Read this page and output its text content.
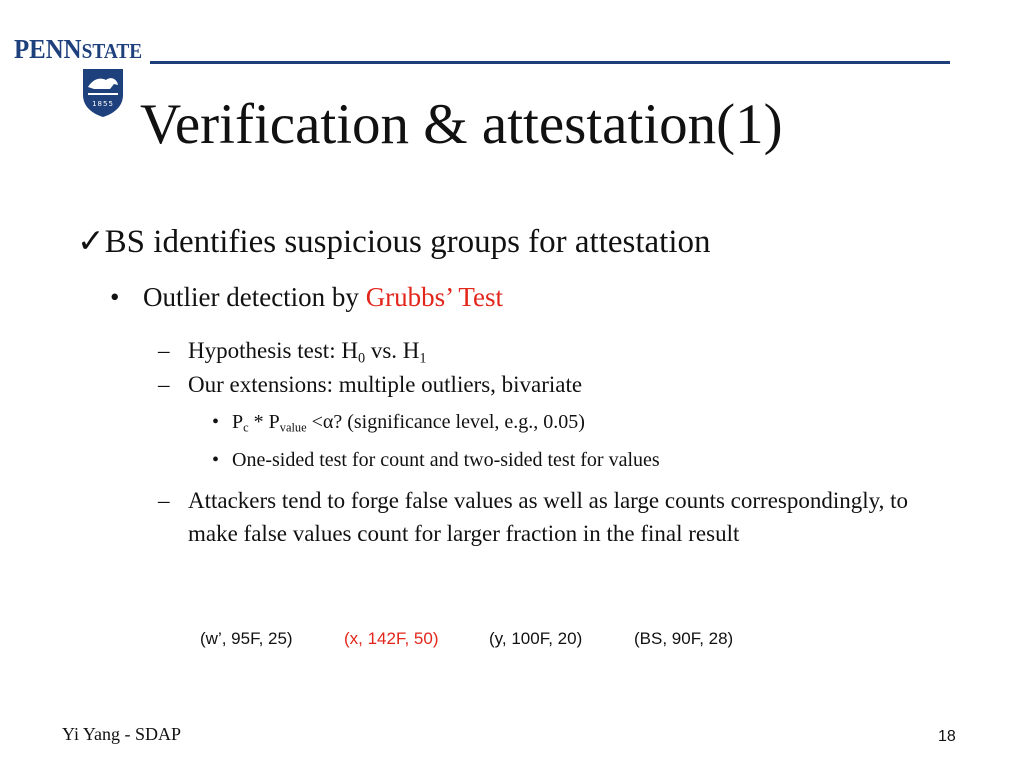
PENNSTATE
1855 Verification & attestation(1)
✓BS identifies suspicious groups for attestation
• Outlier detection by Grubbs’ Test
– Hypothesis test: $H_0$ vs. $H_1$
– Our extensions: multiple outliers, bivariate
• $P_c * P_{value} <\alpha$? (significance level, e.g., 0.05)
• One-sided test for count and two-sided test for values
– Attackers tend to forge false values as well as large counts correspondingly, to make false values count for larger fraction in the final result
(w’, 95F, 25)	(x, 142F, 50)	(y, 100F, 20)	(BS, 90F, 28)
Yi Yang - SDAP	18
